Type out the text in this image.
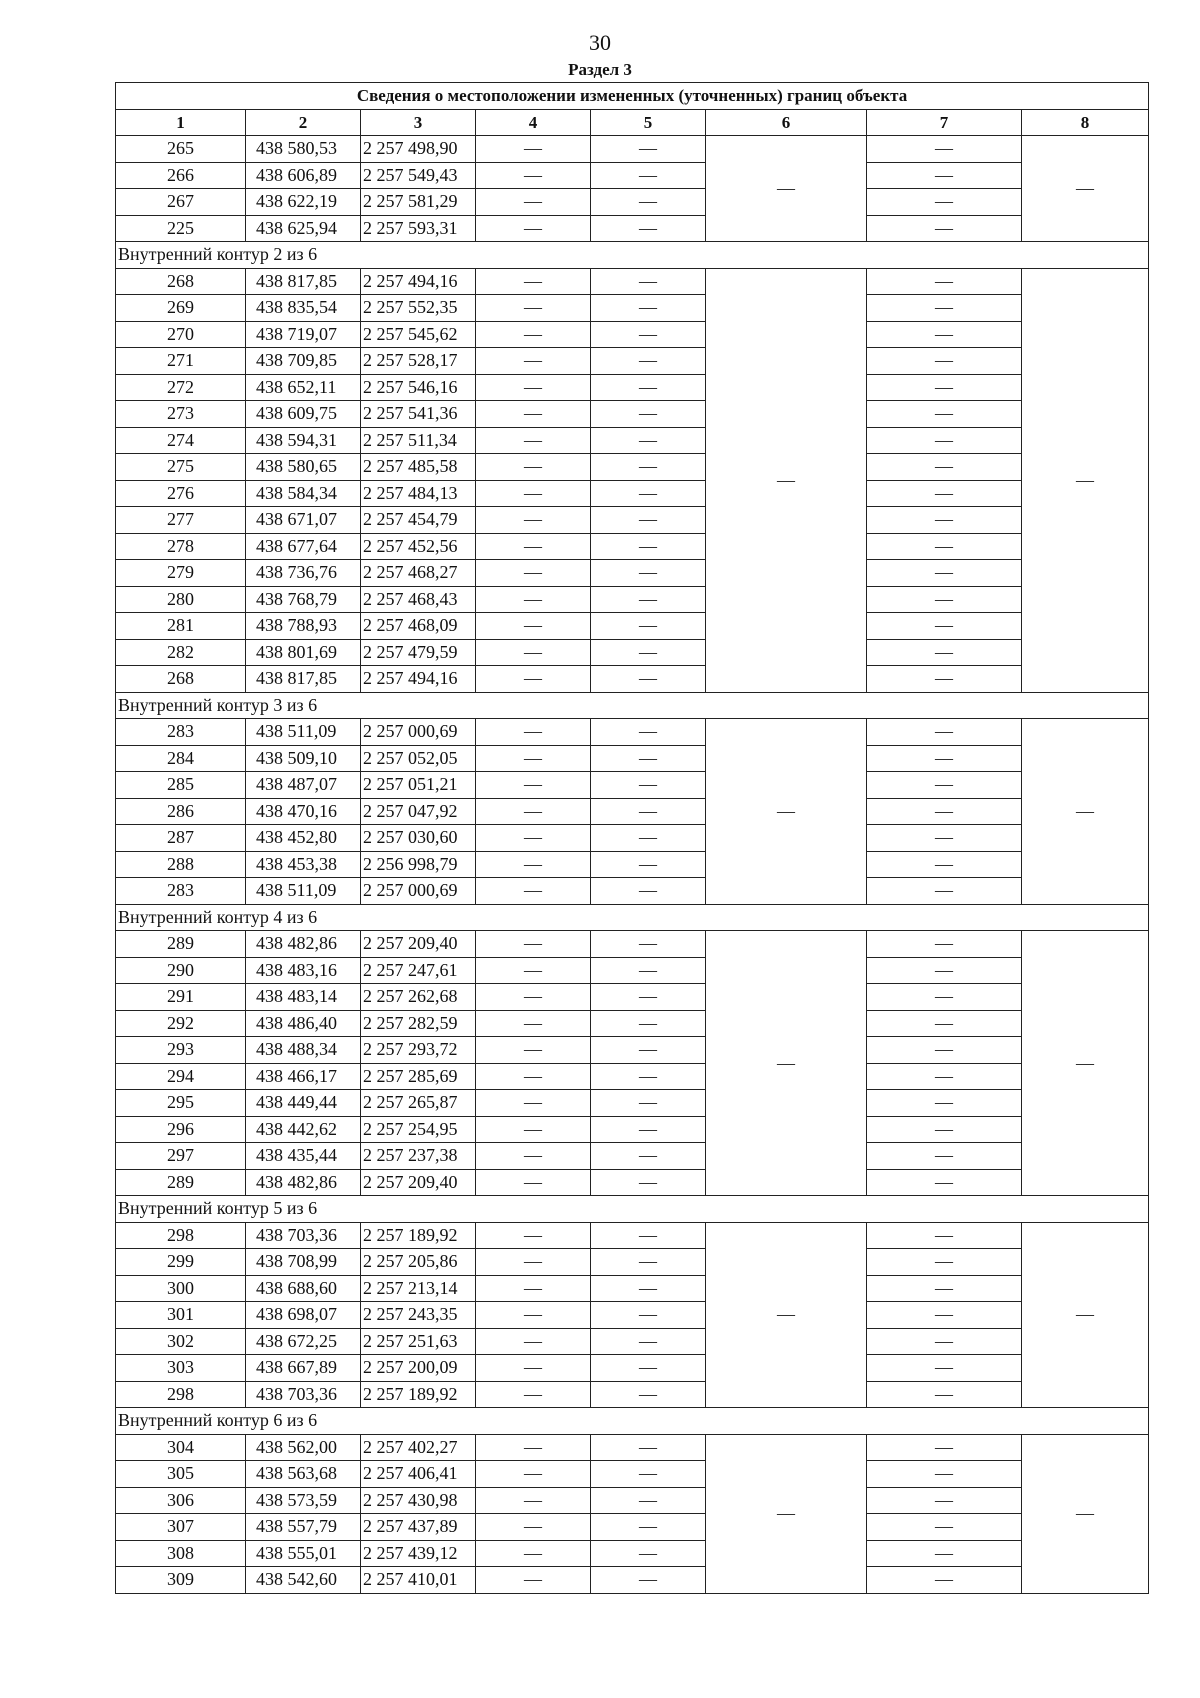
30
Раздел 3
Сведения о местоположении измененных (уточненных) границ объекта							
1	2	3	4	5	6	7	8
265	438 580,53	2 257 498,90	—	—	—	—	—
266	438 606,89	2 257 549,43	—	—		—	
267	438 622,19	2 257 581,29	—	—		—	
225	438 625,94	2 257 593,31	—	—		—	
Внутренний контур 2 из 6							
268	438 817,85	2 257 494,16	—	—	—	—	—
269	438 835,54	2 257 552,35	—	—		—	
270	438 719,07	2 257 545,62	—	—		—	
271	438 709,85	2 257 528,17	—	—		—	
272	438 652,11	2 257 546,16	—	—		—	
273	438 609,75	2 257 541,36	—	—		—	
274	438 594,31	2 257 511,34	—	—		—	
275	438 580,65	2 257 485,58	—	—		—	
276	438 584,34	2 257 484,13	—	—		—	
277	438 671,07	2 257 454,79	—	—		—	
278	438 677,64	2 257 452,56	—	—		—	
279	438 736,76	2 257 468,27	—	—		—	
280	438 768,79	2 257 468,43	—	—		—	
281	438 788,93	2 257 468,09	—	—		—	
282	438 801,69	2 257 479,59	—	—		—	
268	438 817,85	2 257 494,16	—	—		—	
Внутренний контур 3 из 6							
283	438 511,09	2 257 000,69	—	—	—	—	—
284	438 509,10	2 257 052,05	—	—		—	
285	438 487,07	2 257 051,21	—	—		—	
286	438 470,16	2 257 047,92	—	—		—	
287	438 452,80	2 257 030,60	—	—		—	
288	438 453,38	2 256 998,79	—	—		—	
283	438 511,09	2 257 000,69	—	—		—	
Внутренний контур 4 из 6							
289	438 482,86	2 257 209,40	—	—	—	—	—
290	438 483,16	2 257 247,61	—	—		—	
291	438 483,14	2 257 262,68	—	—		—	
292	438 486,40	2 257 282,59	—	—		—	
293	438 488,34	2 257 293,72	—	—		—	
294	438 466,17	2 257 285,69	—	—		—	
295	438 449,44	2 257 265,87	—	—		—	
296	438 442,62	2 257 254,95	—	—		—	
297	438 435,44	2 257 237,38	—	—		—	
289	438 482,86	2 257 209,40	—	—		—	
Внутренний контур 5 из 6							
298	438 703,36	2 257 189,92	—	—	—	—	—
299	438 708,99	2 257 205,86	—	—		—	
300	438 688,60	2 257 213,14	—	—		—	
301	438 698,07	2 257 243,35	—	—		—	
302	438 672,25	2 257 251,63	—	—		—	
303	438 667,89	2 257 200,09	—	—		—	
298	438 703,36	2 257 189,92	—	—		—	
Внутренний контур 6 из 6							
304	438 562,00	2 257 402,27	—	—	—	—	—
305	438 563,68	2 257 406,41	—	—		—	
306	438 573,59	2 257 430,98	—	—		—	
307	438 557,79	2 257 437,89	—	—		—	
308	438 555,01	2 257 439,12	—	—		—	
309	438 542,60	2 257 410,01	—	—		—	
